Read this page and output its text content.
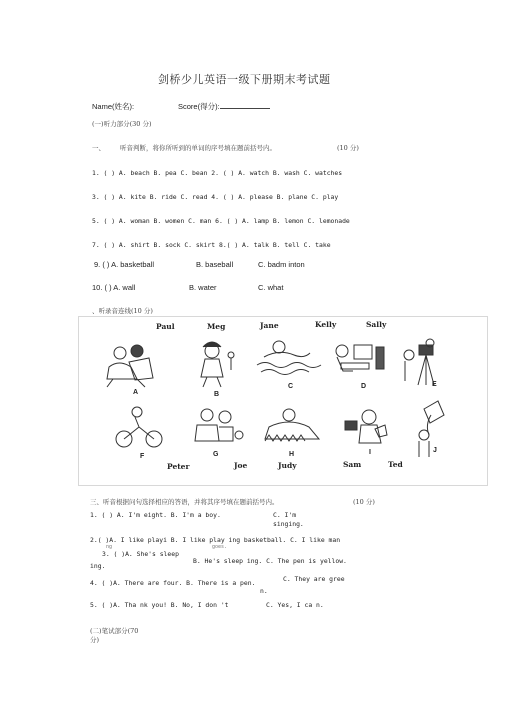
剑桥少儿英语一级下册期末考试题
Name(姓名):	Score(得分):
(一)听力部分(30 分)
一、 听音判断，将你所听到的单词的序号填在题前括号内。	(10 分)
1. ( ) A. beach B. pea C. bean 2. ( ) A. watch B. wash C. watches
3. ( ) A. kite B. ride C. read 4. ( ) A. please B. plane C. play
5. ( ) A. woman B. women C. man 6. ( ) A. lamp B. lemon C. lemonade
7. ( ) A. shirt B. sock C. skirt 8.( ) A. talk B. tell C. take
9. ( ) A. basketball	B. baseball	C. badm inton
10. ( ) A. wall	B. water	C. what
、听录音连线(10 分)
Paul	Meg	Jane	Kelly	Sally
A	B
C	D	E
F	G	H	I	J
Peter	Joe	Judy	Sam	Ted
三、听音根据问句选择相应的答语，并将其序号填在题前括号内。	(10 分)
1. ( ) A. I'm eight. B. I'm a boy.	C. I'm
singing.
2.( )A. I like playi B. I like play ing basketball. C. I like man
ng	goes.
3. ( )A. She's sleep
ing.
B. He's sleep ing. C. The pen is yellow.
4. ( )A. There are four. B. There is a pen.	C. They are gree
n.
5. ( )A. Tha nk you! B. No, I don 't	C. Yes, I ca n.
(二)笔试部分(70
分)
